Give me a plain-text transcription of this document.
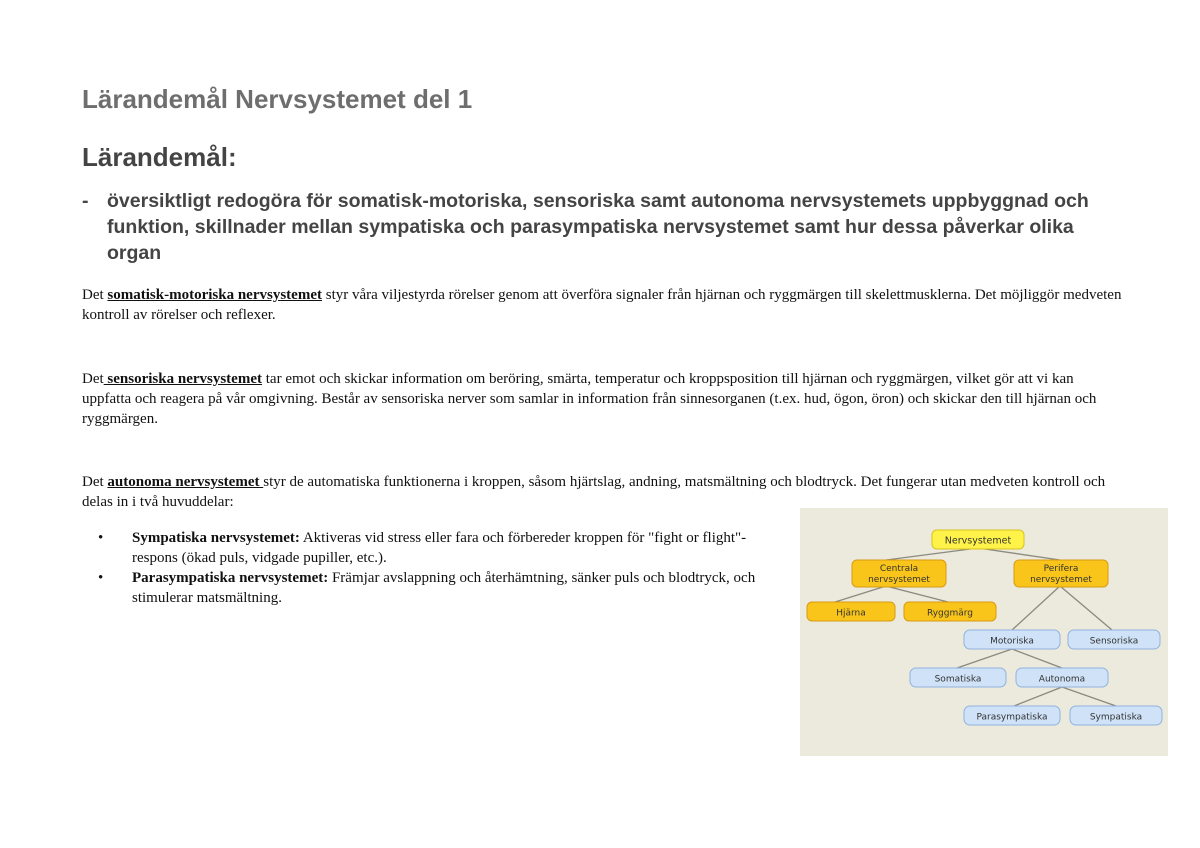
Lärandemål Nervsystemet del 1
Lärandemål:
- översiktligt redogöra för somatisk-motoriska, sensoriska samt autonoma nervsystemets uppbyggnad och funktion, skillnader mellan sympatiska och parasympatiska nervsystemet samt hur dessa påverkar olika organ

Det somatisk-motoriska nervsystemet styr våra viljestyrda rörelser genom att överföra signaler från hjärnan och ryggmärgen till skelettmusklerna. Det möjliggör medveten kontroll av rörelser och reflexer.

Det sensoriska nervsystemet tar emot och skickar information om beröring, smärta, temperatur och kroppsposition till hjärnan och ryggmärgen, vilket gör att vi kan uppfatta och reagera på vår omgivning. Består av sensoriska nerver som samlar in information från sinnesorganen (t.ex. hud, ögon, öron) och skickar den till hjärnan och ryggmärgen.

Det autonoma nervsystemet styr de automatiska funktionerna i kroppen, såsom hjärtslag, andning, matsmältning och blodtryck. Det fungerar utan medveten kontroll och delas in i två huvuddelar:

• Sympatiska nervsystemet: Aktiveras vid stress eller fara och förbereder kroppen för "fight or flight"-respons (ökad puls, vidgade pupiller, etc.).
• Parasympatiska nervsystemet: Främjar avslappning och återhämtning, sänker puls och blodtryck, och stimulerar matsmältning.
Nervsystemet
Centrala
nervsystemet
Perifera
nervsystemet
Hjärna	Ryggmärg
Motoriska	Sensoriska
Somatiska	Autonoma
Parasympatiska	Sympatiska
